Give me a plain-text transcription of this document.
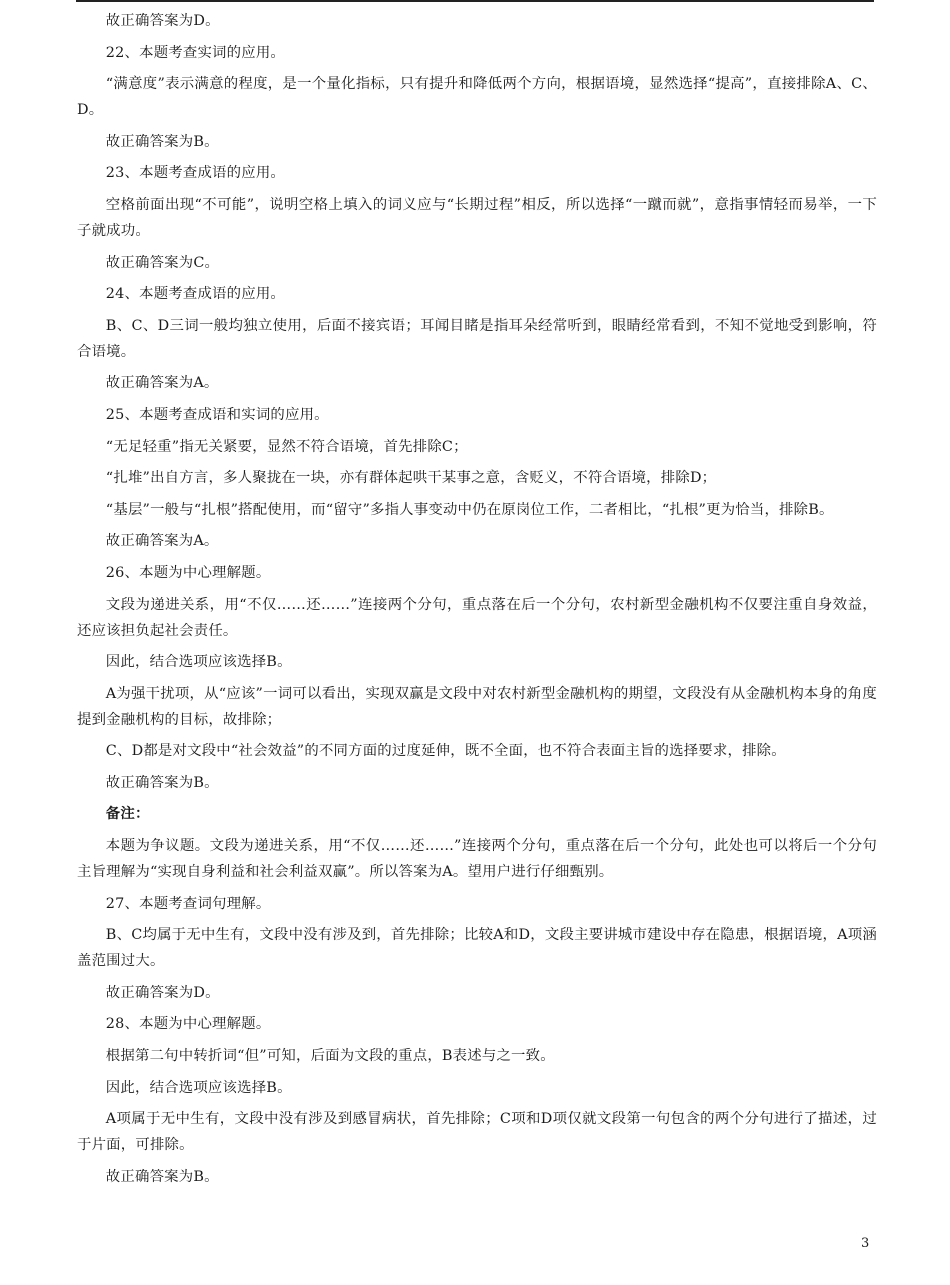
故正确答案为D。

22、本题考查实词的应用。

“满意度”表示满意的程度，是一个量化指标，只有提升和降低两个方向，根据语境，显然选择“提高”，直接排除A、C、D。

故正确答案为B。

23、本题考查成语的应用。

空格前面出现“不可能”，说明空格上填入的词义应与“长期过程”相反，所以选择“一蹴而就”，意指事情轻而易举，一下子就成功。

故正确答案为C。

24、本题考查成语的应用。

B、C、D三词一般均独立使用，后面不接宾语；耳闻目睹是指耳朵经常听到，眼睛经常看到，不知不觉地受到影响，符合语境。

故正确答案为A。

25、本题考查成语和实词的应用。

“无足轻重”指无关紧要，显然不符合语境，首先排除C；

“扎堆”出自方言，多人聚拢在一块，亦有群体起哄干某事之意，含贬义，不符合语境，排除D；

“基层”一般与“扎根”搭配使用，而“留守”多指人事变动中仍在原岗位工作，二者相比，“扎根”更为恰当，排除B。

故正确答案为A。

26、本题为中心理解题。

文段为递进关系，用“不仅……还……”连接两个分句，重点落在后一个分句，农村新型金融机构不仅要注重自身效益，还应该担负起社会责任。

因此，结合选项应该选择B。

A为强干扰项，从“应该”一词可以看出，实现双赢是文段中对农村新型金融机构的期望，文段没有从金融机构本身的角度提到金融机构的目标，故排除；

C、D都是对文段中“社会效益”的不同方面的过度延伸，既不全面，也不符合表面主旨的选择要求，排除。

故正确答案为B。

备注：

本题为争议题。文段为递进关系，用“不仅……还……”连接两个分句，重点落在后一个分句，此处也可以将后一个分句主旨理解为“实现自身利益和社会利益双赢”。所以答案为A。望用户进行仔细甄别。

27、本题考查词句理解。

B、C均属于无中生有，文段中没有涉及到，首先排除；比较A和D，文段主要讲城市建设中存在隐患，根据语境，A项涵盖范围过大。

故正确答案为D。

28、本题为中心理解题。

根据第二句中转折词“但”可知，后面为文段的重点，B表述与之一致。

因此，结合选项应该选择B。

A项属于无中生有，文段中没有涉及到感冒病状，首先排除；C项和D项仅就文段第一句包含的两个分句进行了描述，过于片面，可排除。

故正确答案为B。

3
